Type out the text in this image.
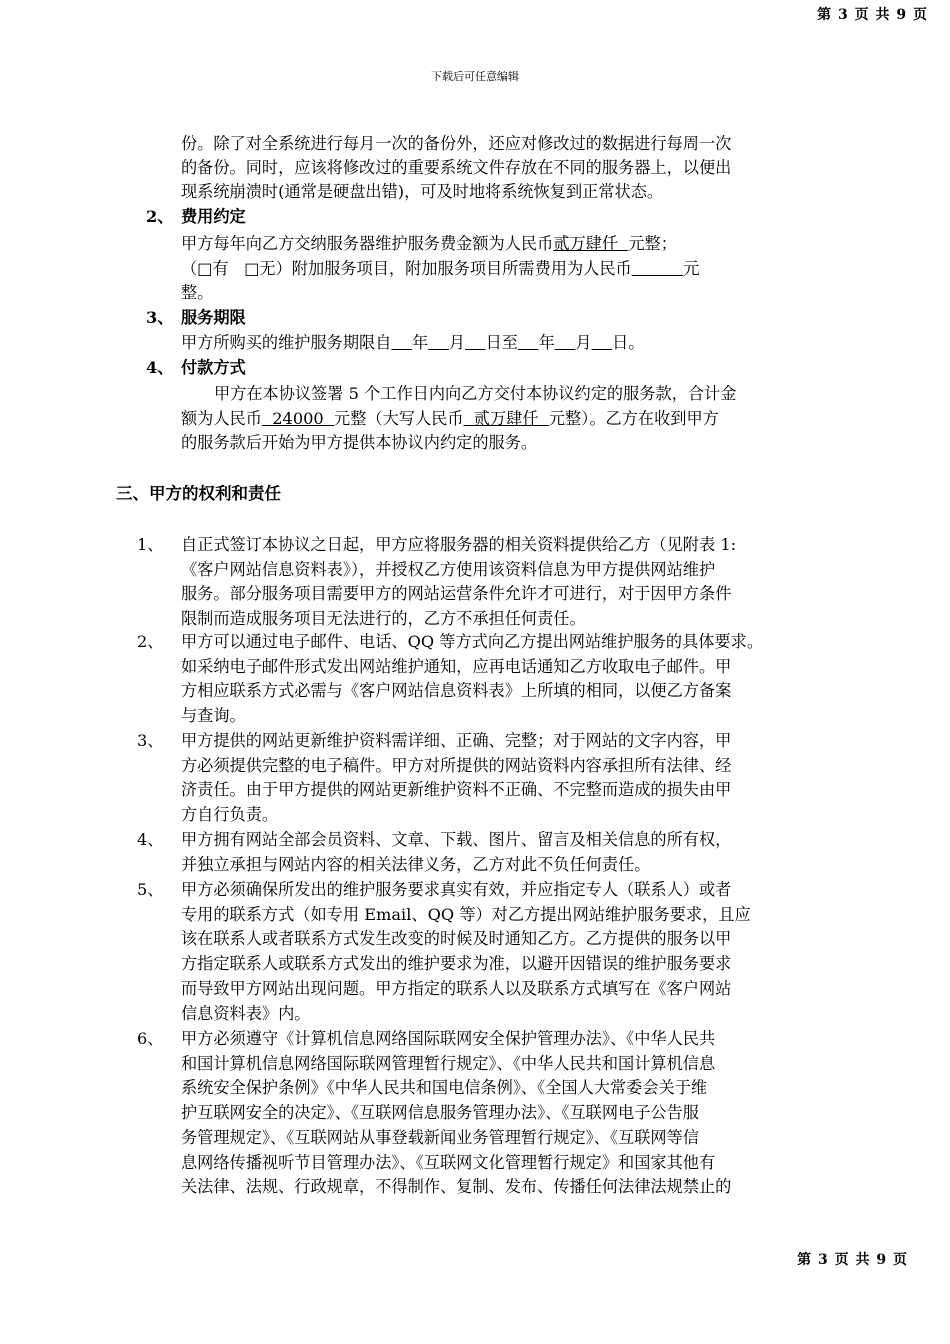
第 3 页 共 9 页
下载后可任意编辑
份。除了对全系统进行每月一次的备份外，还应对修改过的数据进行每周一次
的备份。同时，应该将修改过的重要系统文件存放在不同的服务器上，以便出
现系统崩溃时(通常是硬盘出错)，可及时地将系统恢复到正常状态。
2、 费用约定
甲方每年向乙方交纳服务器维护服务费金额为人民币贰万肆仟  元整；
（□有   □无）附加服务项目，附加服务项目所需费用为人民币	元
整。
3、 服务期限
甲方所购买的维护服务期限自 年 月 日至 年 月 日。
4、 付款方式
甲方在本协议签署 5 个工作日内向乙方交付本协议约定的服务款，合计金
额为人民币  24000  元整（大写人民币  贰万肆仟  元整）。乙方在收到甲方
的服务款后开始为甲方提供本协议内约定的服务。
三、甲方的权利和责任
1、 自正式签订本协议之日起，甲方应将服务器的相关资料提供给乙方（见附表 1:
《客户网站信息资料表》），并授权乙方使用该资料信息为甲方提供网站维护
服务。部分服务项目需要甲方的网站运营条件允许才可进行，对于因甲方条件
限制而造成服务项目无法进行的，乙方不承担任何责任。
2、 甲方可以通过电子邮件、电话、QQ 等方式向乙方提出网站维护服务的具体要求。
如采纳电子邮件形式发出网站维护通知，应再电话通知乙方收取电子邮件。甲
方相应联系方式必需与《客户网站信息资料表》上所填的相同，以便乙方备案
与查询。
3、 甲方提供的网站更新维护资料需详细、正确、完整；对于网站的文字内容，甲
方必须提供完整的电子稿件。甲方对所提供的网站资料内容承担所有法律、经
济责任。由于甲方提供的网站更新维护资料不正确、不完整而造成的损失由甲
方自行负责。
4、 甲方拥有网站全部会员资料、文章、下载、图片、留言及相关信息的所有权，
并独立承担与网站内容的相关法律义务，乙方对此不负任何责任。
5、 甲方必须确保所发出的维护服务要求真实有效，并应指定专人（联系人）或者
专用的联系方式（如专用 Email、QQ 等）对乙方提出网站维护服务要求，且应
该在联系人或者联系方式发生改变的时候及时通知乙方。乙方提供的服务以甲
方指定联系人或联系方式发出的维护要求为准，以避开因错误的维护服务要求
而导致甲方网站出现问题。甲方指定的联系人以及联系方式填写在《客户网站
信息资料表》内。
6、 甲方必须遵守《计算机信息网络国际联网安全保护管理办法》、《中华人民共
和国计算机信息网络国际联网管理暂行规定》、《中华人民共和国计算机信息
系统安全保护条例》《中华人民共和国电信条例》、《全国人大常委会关于维
护互联网安全的决定》、《互联网信息服务管理办法》、《互联网电子公告服
务管理规定》、《互联网站从事登载新闻业务管理暂行规定》、《互联网等信
息网络传播视听节目管理办法》、《互联网文化管理暂行规定》和国家其他有
关法律、法规、行政规章，不得制作、复制、发布、传播任何法律法规禁止的
第 3 页 共 9 页
